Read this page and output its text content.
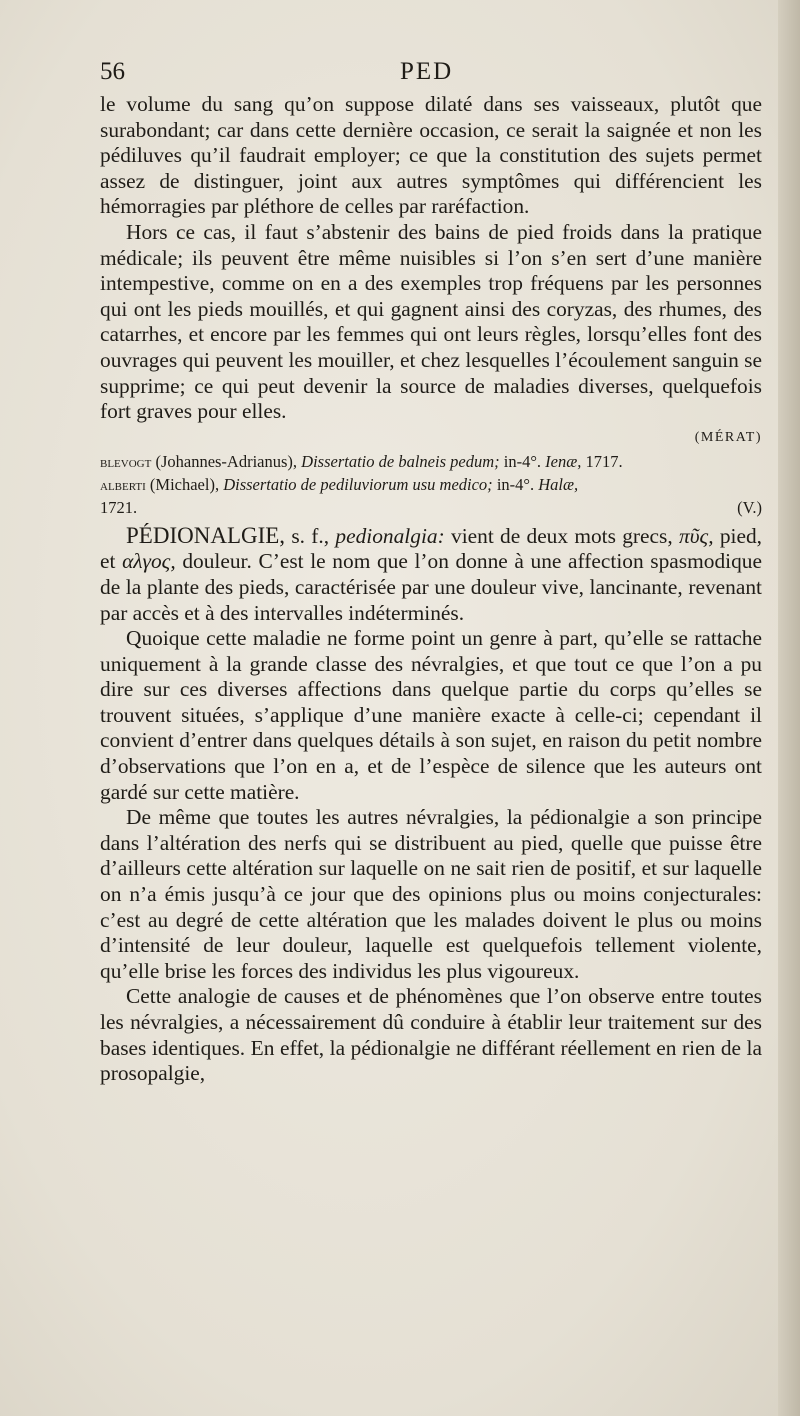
56	PED

le volume du sang qu’on suppose dilaté dans ses vaisseaux, plutôt que surabondant; car dans cette dernière occasion, ce serait la saignée et non les pédiluves qu’il faudrait employer; ce que la constitution des sujets permet assez de distinguer, joint aux autres symptômes qui différencient les hémorragies par pléthore de celles par raréfaction.

Hors ce cas, il faut s’abstenir des bains de pied froids dans la pratique médicale; ils peuvent être même nuisibles si l’on s’en sert d’une manière intempestive, comme on en a des exemples trop fréquens par les personnes qui ont les pieds mouillés, et qui gagnent ainsi des coryzas, des rhumes, des catarrhes, et encore par les femmes qui ont leurs règles, lorsqu’elles font des ouvrages qui peuvent les mouiller, et chez lesquelles l’écoulement sanguin se supprime; ce qui peut devenir la source de maladies diverses, quelquefois fort graves pour elles.

(MÉRAT)
blevogt (Johannes-Adrianus), Dissertatio de balneis pedum; in-4°. Ienæ, 1717.
alberti (Michael), Dissertatio de pediluviorum usu medico; in-4°. Halæ,
1721.	(V.)

PÉDIONALGIE, s. f., pedionalgia: vient de deux mots grecs, πῦς, pied, et αλγος, douleur. C’est le nom que l’on donne à une affection spasmodique de la plante des pieds, caractérisée par une douleur vive, lancinante, revenant par accès et à des intervalles indéterminés.

Quoique cette maladie ne forme point un genre à part, qu’elle se rattache uniquement à la grande classe des névralgies, et que tout ce que l’on a pu dire sur ces diverses affections dans quelque partie du corps qu’elles se trouvent situées, s’applique d’une manière exacte à celle-ci; cependant il convient d’entrer dans quelques détails à son sujet, en raison du petit nombre d’observations que l’on en a, et de l’espèce de silence que les auteurs ont gardé sur cette matière.

De même que toutes les autres névralgies, la pédionalgie a son principe dans l’altération des nerfs qui se distribuent au pied, quelle que puisse être d’ailleurs cette altération sur laquelle on ne sait rien de positif, et sur laquelle on n’a émis jusqu’à ce jour que des opinions plus ou moins conjecturales: c’est au degré de cette altération que les malades doivent le plus ou moins d’intensité de leur douleur, laquelle est quelquefois tellement violente, qu’elle brise les forces des individus les plus vigoureux.

Cette analogie de causes et de phénomènes que l’on observe entre toutes les névralgies, a nécessairement dû conduire à établir leur traitement sur des bases identiques. En effet, la pédionalgie ne différant réellement en rien de la prosopalgie,
